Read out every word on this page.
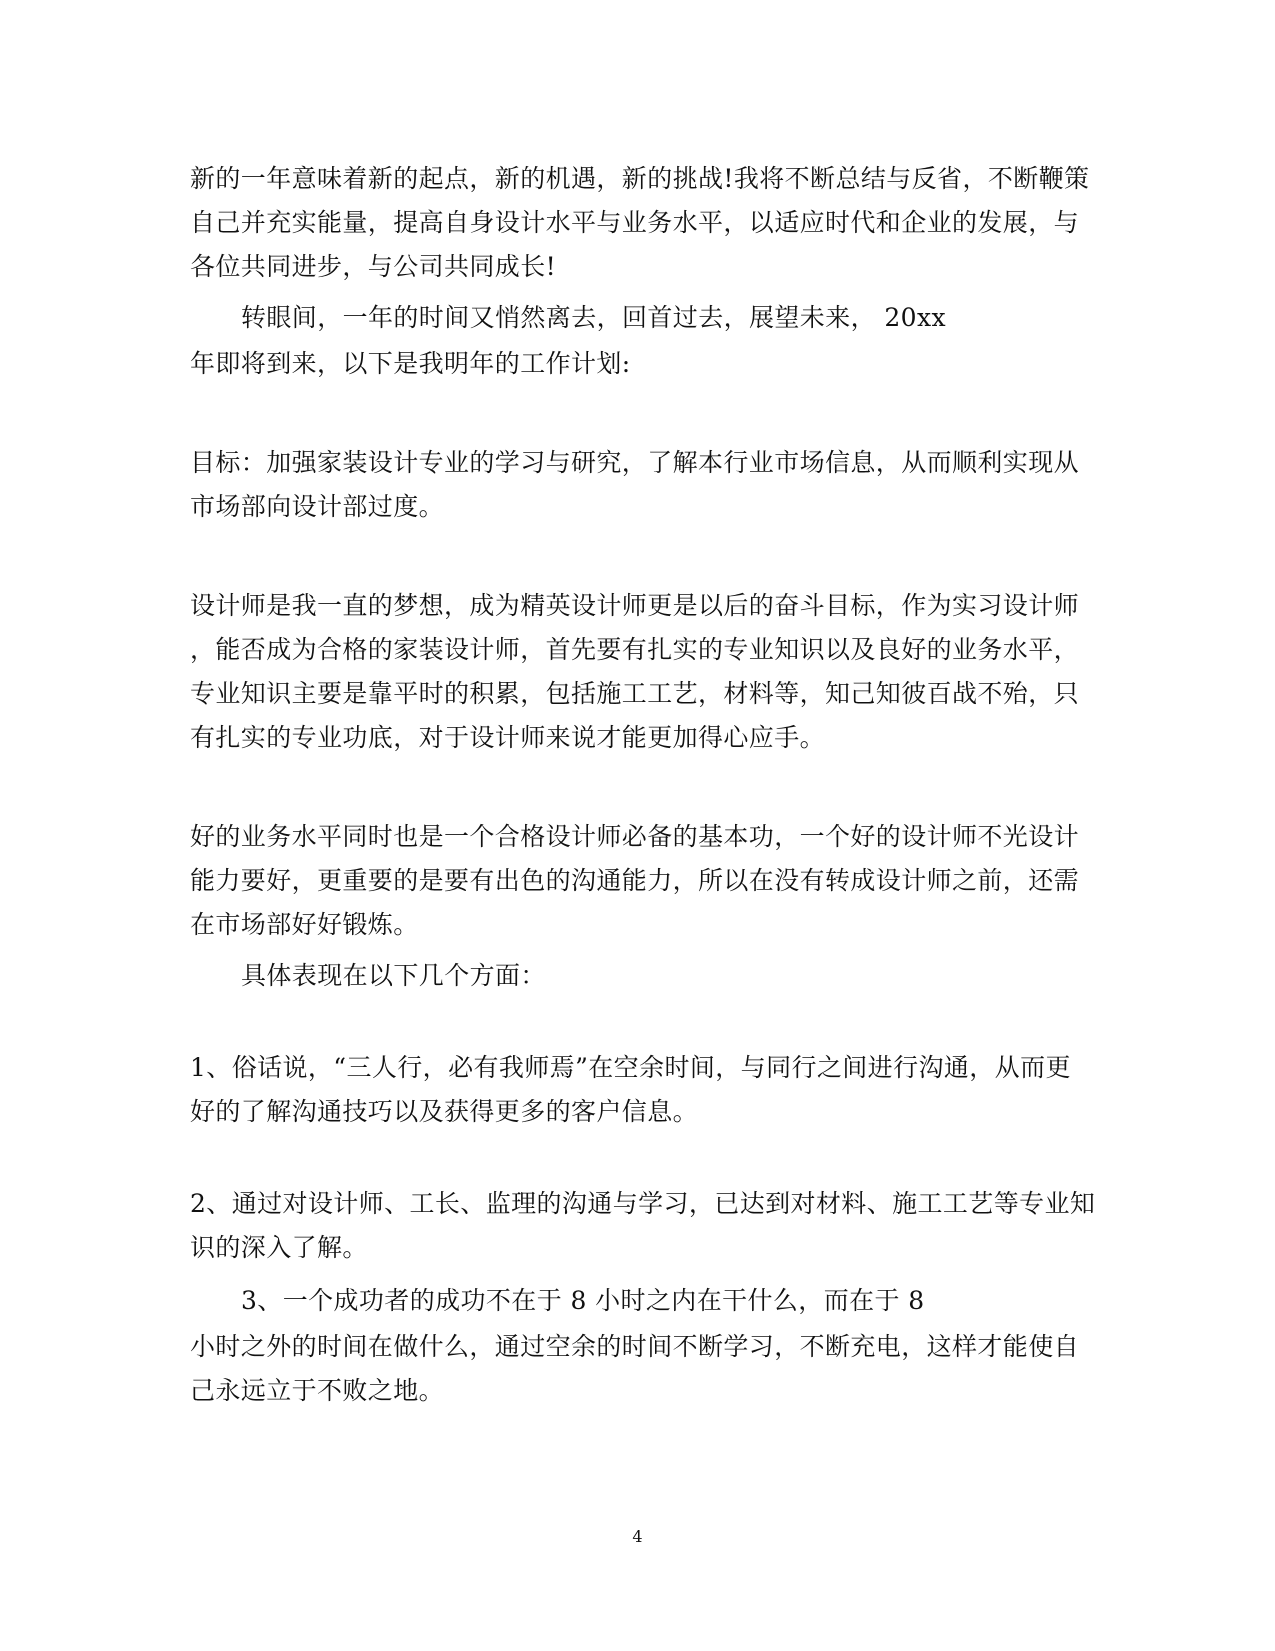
新的一年意味着新的起点，新的机遇，新的挑战!我将不断总结与反省，不断鞭策
自己并充实能量，提高自身设计水平与业务水平，以适应时代和企业的发展，与
各位共同进步，与公司共同成长!
转眼间，一年的时间又悄然离去，回首过去，展望未来， 20xx
年即将到来，以下是我明年的工作计划:
目标：加强家装设计专业的学习与研究，了解本行业市场信息，从而顺利实现从
市场部向设计部过度。
设计师是我一直的梦想，成为精英设计师更是以后的奋斗目标，作为实习设计师
，能否成为合格的家装设计师，首先要有扎实的专业知识以及良好的业务水平，
专业知识主要是靠平时的积累，包括施工工艺，材料等，知己知彼百战不殆，只
有扎实的专业功底，对于设计师来说才能更加得心应手。
好的业务水平同时也是一个合格设计师必备的基本功，一个好的设计师不光设计
能力要好，更重要的是要有出色的沟通能力，所以在没有转成设计师之前，还需
在市场部好好锻炼。
具体表现在以下几个方面：
1、俗话说，“三人行，必有我师焉”在空余时间，与同行之间进行沟通，从而更
好的了解沟通技巧以及获得更多的客户信息。
2、通过对设计师、工长、监理的沟通与学习，已达到对材料、施工工艺等专业知
识的深入了解。
3、一个成功者的成功不在于 8 小时之内在干什么，而在于 8
小时之外的时间在做什么，通过空余的时间不断学习，不断充电，这样才能使自
己永远立于不败之地。
4
